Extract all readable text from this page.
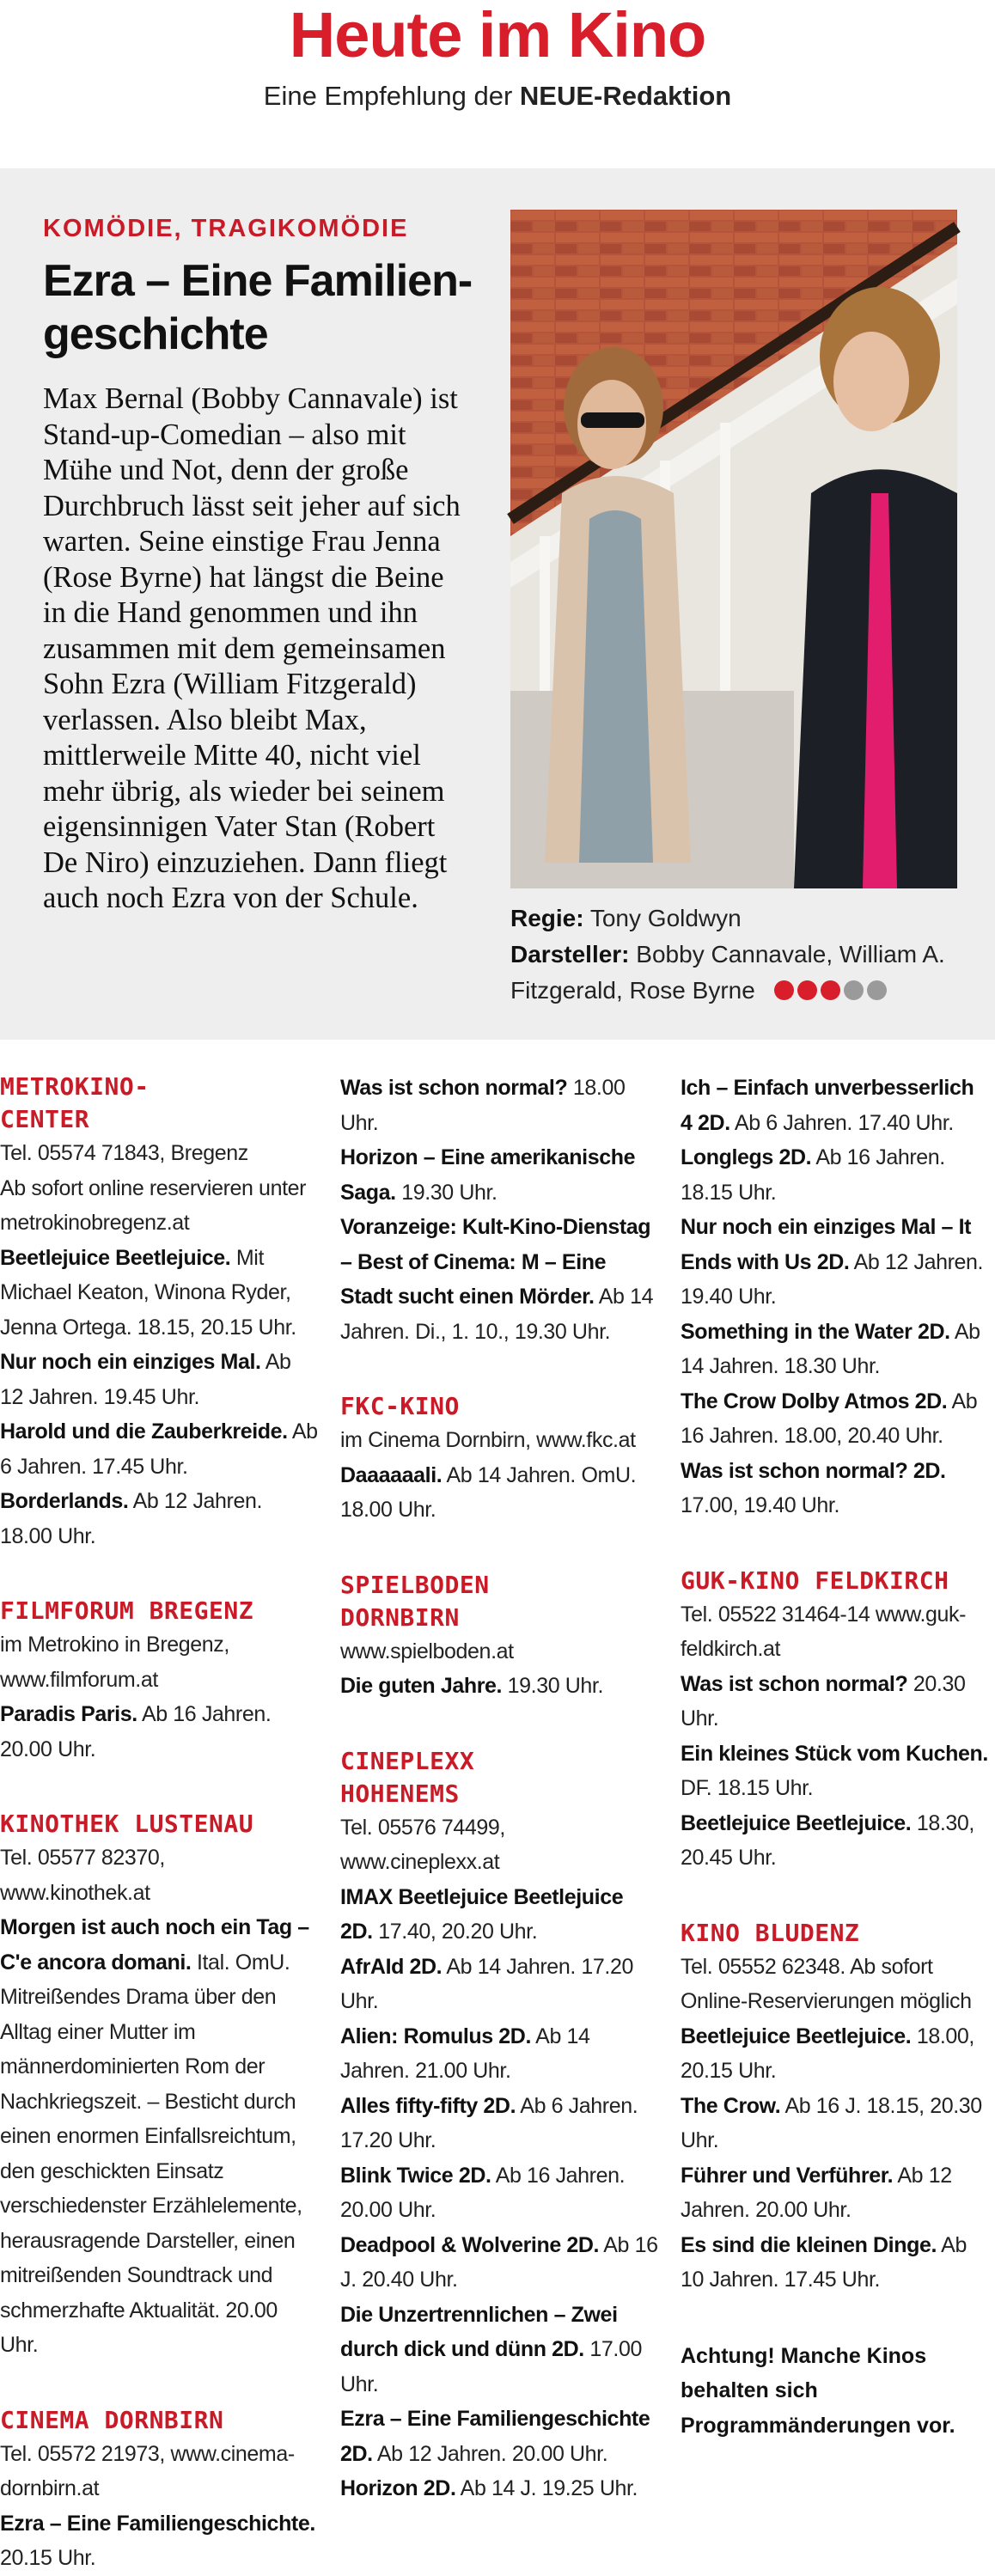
Heute im Kino
Eine Empfehlung der NEUE-Redaktion
KOMÖDIE, TRAGIKOMÖDIE
Ezra – Eine Familien-
geschichte
Max Bernal (Bobby Cannavale) ist Stand-up-Comedian – also mit Mühe und Not, denn der große Durchbruch lässt seit jeher auf sich warten. Seine einstige Frau Jenna (Rose Byrne) hat längst die Beine in die Hand genommen und ihn zusammen mit dem gemeinsamen Sohn Ezra (William Fitzgerald) verlassen. Also bleibt Max, mittlerweile Mitte 40, nicht viel mehr übrig, als wieder bei seinem eigensinnigen Vater Stan (Robert De Niro) einzuziehen. Dann fliegt auch noch Ezra von der Schule.
Regie: Tony Goldwyn
Darsteller: Bobby Cannavale, William A. Fitzgerald, Rose Byrne
METROKINO-
CENTER
Tel. 05574 71843, Bregenz
Ab sofort online reservieren unter metrokinobregenz.at
Beetlejuice Beetlejuice. Mit Michael Keaton, Winona Ryder, Jenna Ortega. 18.15, 20.15 Uhr.
Nur noch ein einziges Mal. Ab 12 Jahren. 19.45 Uhr.
Harold und die Zauberkreide. Ab 6 Jahren. 17.45 Uhr.
Borderlands. Ab 12 Jahren. 18.00 Uhr.
FILMFORUM BREGENZ
im Metrokino in Bregenz, www.filmforum.at
Paradis Paris. Ab 16 Jahren. 20.00 Uhr.
KINOTHEK LUSTENAU
Tel. 05577 82370, www.kinothek.at
Morgen ist auch noch ein Tag – C'e ancora domani. Ital. OmU. Mitreißendes Drama über den Alltag einer Mutter im männerdominierten Rom der Nachkriegszeit. – Besticht durch einen enormen Einfallsreichtum, den geschickten Einsatz verschiedenster Erzählelemente, herausragende Darsteller, einen mitreißenden Soundtrack und schmerzhafte Aktualität. 20.00 Uhr.
CINEMA DORNBIRN
Tel. 05572 21973, www.cinema-dornbirn.at
Ezra – Eine Familiengeschichte. 20.15 Uhr.
Was ist schon normal? 18.00 Uhr.
Horizon – Eine amerikanische Saga. 19.30 Uhr.
Voranzeige: Kult-Kino-Dienstag – Best of Cinema: M – Eine Stadt sucht einen Mörder. Ab 14 Jahren. Di., 1. 10., 19.30 Uhr.
FKC-KINO
im Cinema Dornbirn, www.fkc.at
Daaaaaali. Ab 14 Jahren. OmU. 18.00 Uhr.
SPIELBODEN
DORNBIRN
www.spielboden.at
Die guten Jahre. 19.30 Uhr.
CINEPLEXX
HOHENEMS
Tel. 05576 74499, www.cineplexx.at
IMAX Beetlejuice Beetlejuice 2D. 17.40, 20.20 Uhr.
AfrAId 2D. Ab 14 Jahren. 17.20 Uhr.
Alien: Romulus 2D. Ab 14 Jahren. 21.00 Uhr.
Alles fifty-fifty 2D. Ab 6 Jahren. 17.20 Uhr.
Blink Twice 2D. Ab 16 Jahren. 20.00 Uhr.
Deadpool & Wolverine 2D. Ab 16 J. 20.40 Uhr.
Die Unzertrennlichen – Zwei durch dick und dünn 2D. 17.00 Uhr.
Ezra – Eine Familiengeschichte 2D. Ab 12 Jahren. 20.00 Uhr.
Horizon 2D. Ab 14 J. 19.25 Uhr.
Ich – Einfach unverbesserlich 4 2D. Ab 6 Jahren. 17.40 Uhr.
Longlegs 2D. Ab 16 Jahren. 18.15 Uhr.
Nur noch ein einziges Mal – It Ends with Us 2D. Ab 12 Jahren. 19.40 Uhr.
Something in the Water 2D. Ab 14 Jahren. 18.30 Uhr.
The Crow Dolby Atmos 2D. Ab 16 Jahren. 18.00, 20.40 Uhr.
Was ist schon normal? 2D. 17.00, 19.40 Uhr.
GUK-KINO FELDKIRCH
Tel. 05522 31464-14 www.guk-feldkirch.at
Was ist schon normal? 20.30 Uhr.
Ein kleines Stück vom Kuchen. DF. 18.15 Uhr.
Beetlejuice Beetlejuice. 18.30, 20.45 Uhr.
KINO BLUDENZ
Tel. 05552 62348. Ab sofort Online-Reservierungen möglich
Beetlejuice Beetlejuice. 18.00, 20.15 Uhr.
The Crow. Ab 16 J. 18.15, 20.30 Uhr.
Führer und Verführer. Ab 12 Jahren. 20.00 Uhr.
Es sind die kleinen Dinge. Ab 10 Jahren. 17.45 Uhr.
Achtung! Manche Kinos behalten sich Programmänderungen vor.
